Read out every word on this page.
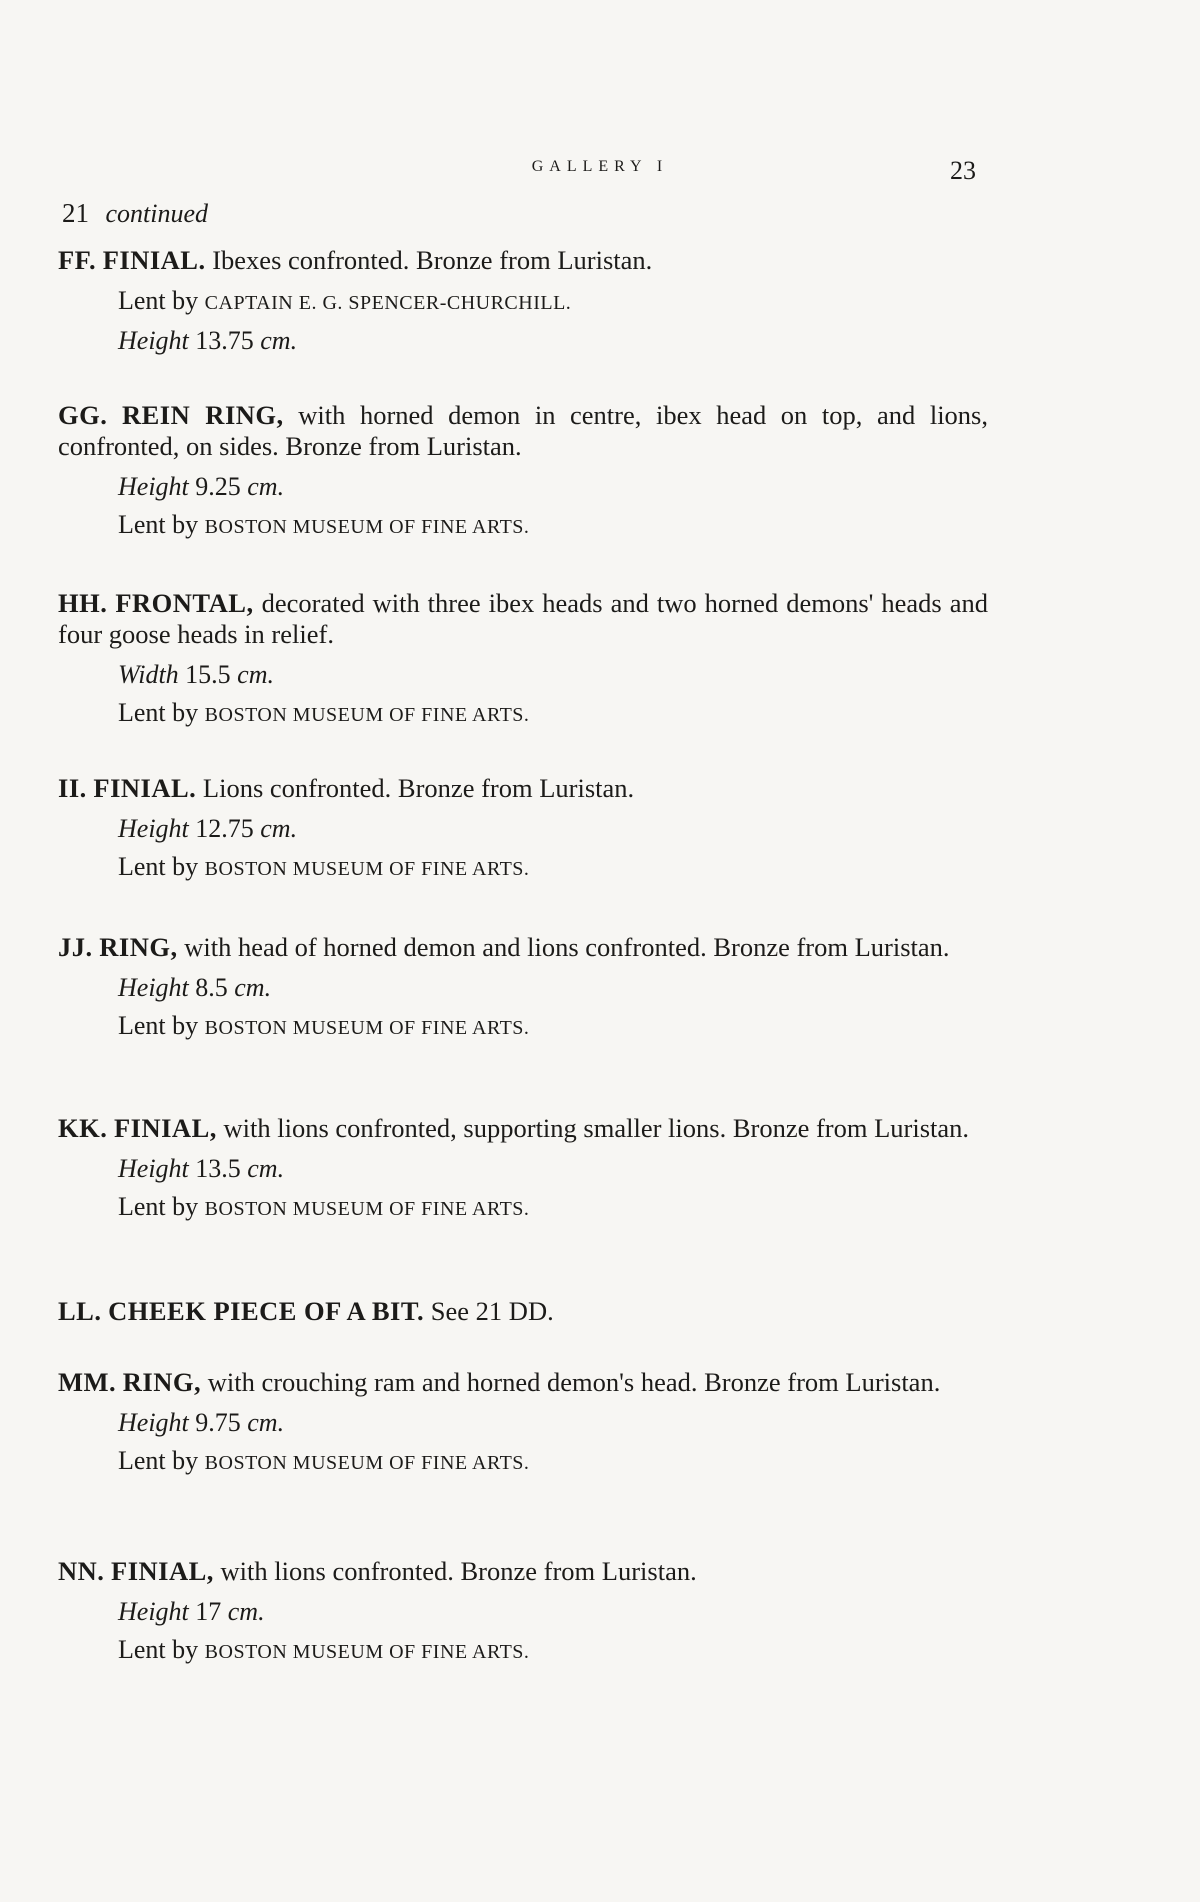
GALLERY I	23
21 continued
FF. FINIAL. Ibexes confronted. Bronze from Luristan.
Lent by CAPTAIN E. G. SPENCER-CHURCHILL.
Height 13.75 cm.
GG. REIN RING, with horned demon in centre, ibex head on top, and lions, confronted, on sides. Bronze from Luristan.
Height 9.25 cm.
Lent by BOSTON MUSEUM OF FINE ARTS.
HH. FRONTAL, decorated with three ibex heads and two horned demons' heads and four goose heads in relief.
Width 15.5 cm.
Lent by BOSTON MUSEUM OF FINE ARTS.
II. FINIAL. Lions confronted. Bronze from Luristan.
Height 12.75 cm.
Lent by BOSTON MUSEUM OF FINE ARTS.
JJ. RING, with head of horned demon and lions confronted. Bronze from Luristan.
Height 8.5 cm.
Lent by BOSTON MUSEUM OF FINE ARTS.
KK. FINIAL, with lions confronted, supporting smaller lions. Bronze from Luristan.
Height 13.5 cm.
Lent by BOSTON MUSEUM OF FINE ARTS.
LL. CHEEK PIECE OF A BIT. See 21 DD.
MM. RING, with crouching ram and horned demon's head. Bronze from Luristan.
Height 9.75 cm.
Lent by BOSTON MUSEUM OF FINE ARTS.
NN. FINIAL, with lions confronted. Bronze from Luristan.
Height 17 cm.
Lent by BOSTON MUSEUM OF FINE ARTS.
